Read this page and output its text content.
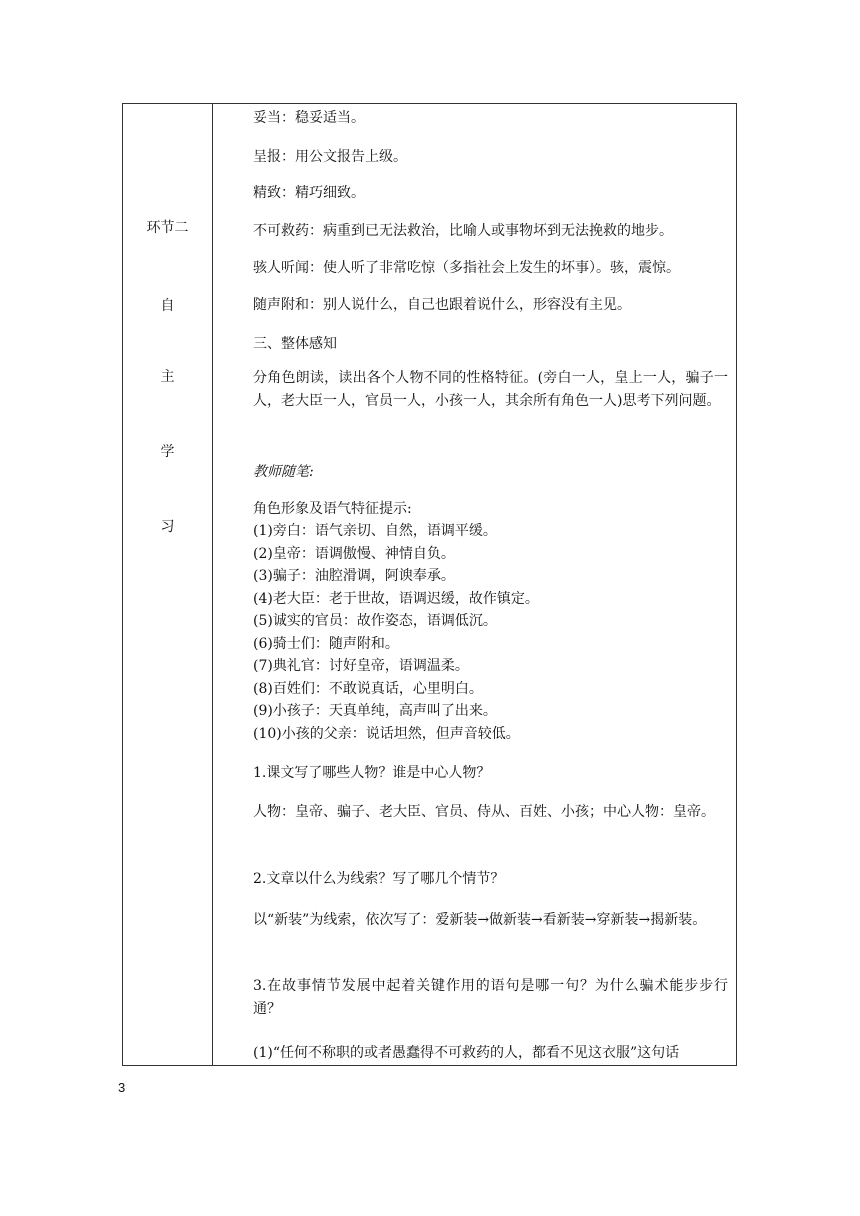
环节二
自
主
学
习
妥当：稳妥适当。
呈报：用公文报告上级。
精致：精巧细致。
不可救药：病重到已无法救治，比喻人或事物坏到无法挽救的地步。
骇人听闻：使人听了非常吃惊（多指社会上发生的坏事）。骇，震惊。
随声附和：别人说什么，自己也跟着说什么，形容没有主见。
三、整体感知
分角色朗读，读出各个人物不同的性格特征。(旁白一人，皇上一人，骗子一人，老大臣一人，官员一人，小孩一人，其余所有角色一人)思考下列问题。
教师随笔:
角色形象及语气特征提示:
(1)旁白：语气亲切、自然，语调平缓。
(2)皇帝：语调傲慢、神情自负。
(3)骗子：油腔滑调，阿谀奉承。
(4)老大臣：老于世故，语调迟缓，故作镇定。
(5)诚实的官员：故作姿态，语调低沉。
(6)骑士们：随声附和。
(7)典礼官：讨好皇帝，语调温柔。
(8)百姓们：不敢说真话，心里明白。
(9)小孩子：天真单纯，高声叫了出来。
(10)小孩的父亲：说话坦然，但声音较低。
1.课文写了哪些人物？谁是中心人物？
人物：皇帝、骗子、老大臣、官员、侍从、百姓、小孩；中心人物：皇帝。
2.文章以什么为线索？写了哪几个情节？
以“新装”为线索，依次写了：爱新装→做新装→看新装→穿新装→揭新装。
3.在故事情节发展中起着关键作用的语句是哪一句？为什么骗术能步步行通？
(1)“任何不称职的或者愚蠢得不可救药的人，都看不见这衣服”这句话
3
